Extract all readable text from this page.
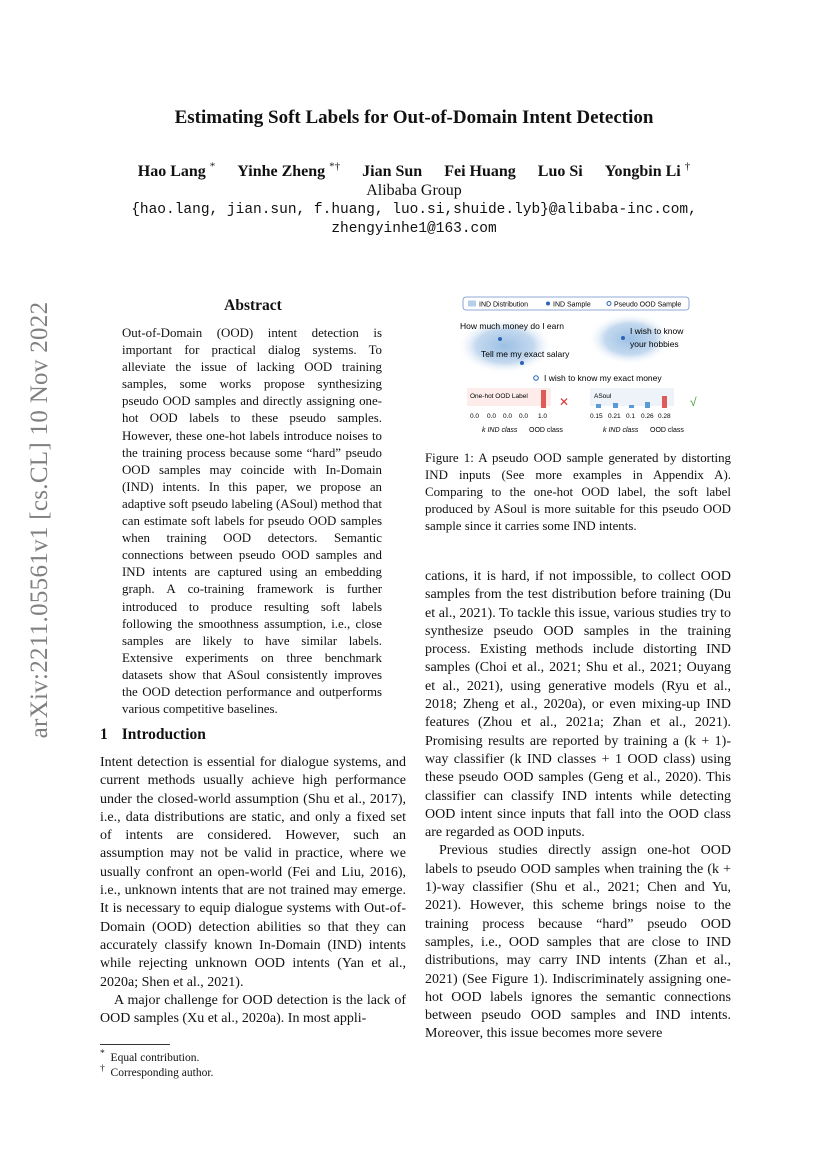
arXiv:2211.05561v1 [cs.CL] 10 Nov 2022
Estimating Soft Labels for Out-of-Domain Intent Detection
Hao Lang * Yinhe Zheng *† Jian Sun Fei Huang Luo Si Yongbin Li †
Alibaba Group
{hao.lang, jian.sun, f.huang, luo.si,shuide.lyb}@alibaba-inc.com,
zhengyinhe1@163.com
Abstract
Out-of-Domain (OOD) intent detection is important for practical dialog systems. To alleviate the issue of lacking OOD training samples, some works propose synthesizing pseudo OOD samples and directly assigning one-hot OOD labels to these pseudo samples. However, these one-hot labels introduce noises to the training process because some “hard” pseudo OOD samples may coincide with In-Domain (IND) intents. In this paper, we propose an adaptive soft pseudo labeling (ASoul) method that can estimate soft labels for pseudo OOD samples when training OOD detectors. Semantic connections between pseudo OOD samples and IND intents are captured using an embedding graph. A co-training framework is further introduced to produce resulting soft labels following the smoothness assumption, i.e., close samples are likely to have similar labels. Extensive experiments on three benchmark datasets show that ASoul consistently improves the OOD detection performance and outperforms various competitive baselines.
1 Introduction

Intent detection is essential for dialogue systems, and current methods usually achieve high performance under the closed-world assumption (Shu et al., 2017), i.e., data distributions are static, and only a fixed set of intents are considered. However, such an assumption may not be valid in practice, where we usually confront an open-world (Fei and Liu, 2016), i.e., unknown intents that are not trained may emerge. It is necessary to equip dialogue systems with Out-of-Domain (OOD) detection abilities so that they can accurately classify known In-Domain (IND) intents while rejecting unknown OOD intents (Yan et al., 2020a; Shen et al., 2021).

A major challenge for OOD detection is the lack of OOD samples (Xu et al., 2020a). In most appli-

* Equal contribution.
† Corresponding author.
IND Distribution	IND Sample	Pseudo OOD Sample
How much money do I earn
Tell me my exact salary
I wish to know
your hobbies
I wish to know my exact money
One-hot OOD Label
0.0 0.0 0.0 0.0 1.0
✕
k IND class OOD class
ASoul
0.15 0.21 0.1 0.26 0.28
√
k IND class OOD class
Figure 1: A pseudo OOD sample generated by distorting IND inputs (See more examples in Appendix A). Comparing to the one-hot OOD label, the soft label produced by ASoul is more suitable for this pseudo OOD sample since it carries some IND intents.

cations, it is hard, if not impossible, to collect OOD samples from the test distribution before training (Du et al., 2021). To tackle this issue, various studies try to synthesize pseudo OOD samples in the training process. Existing methods include distorting IND samples (Choi et al., 2021; Shu et al., 2021; Ouyang et al., 2021), using generative models (Ryu et al., 2018; Zheng et al., 2020a), or even mixing-up IND features (Zhou et al., 2021a; Zhan et al., 2021). Promising results are reported by training a (k + 1)-way classifier (k IND classes + 1 OOD class) using these pseudo OOD samples (Geng et al., 2020). This classifier can classify IND intents while detecting OOD intent since inputs that fall into the OOD class are regarded as OOD inputs.

Previous studies directly assign one-hot OOD labels to pseudo OOD samples when training the (k + 1)-way classifier (Shu et al., 2021; Chen and Yu, 2021). However, this scheme brings noise to the training process because “hard” pseudo OOD samples, i.e., OOD samples that are close to IND distributions, may carry IND intents (Zhan et al., 2021) (See Figure 1). Indiscriminately assigning one-hot OOD labels ignores the semantic connections between pseudo OOD samples and IND intents. Moreover, this issue becomes more severe
